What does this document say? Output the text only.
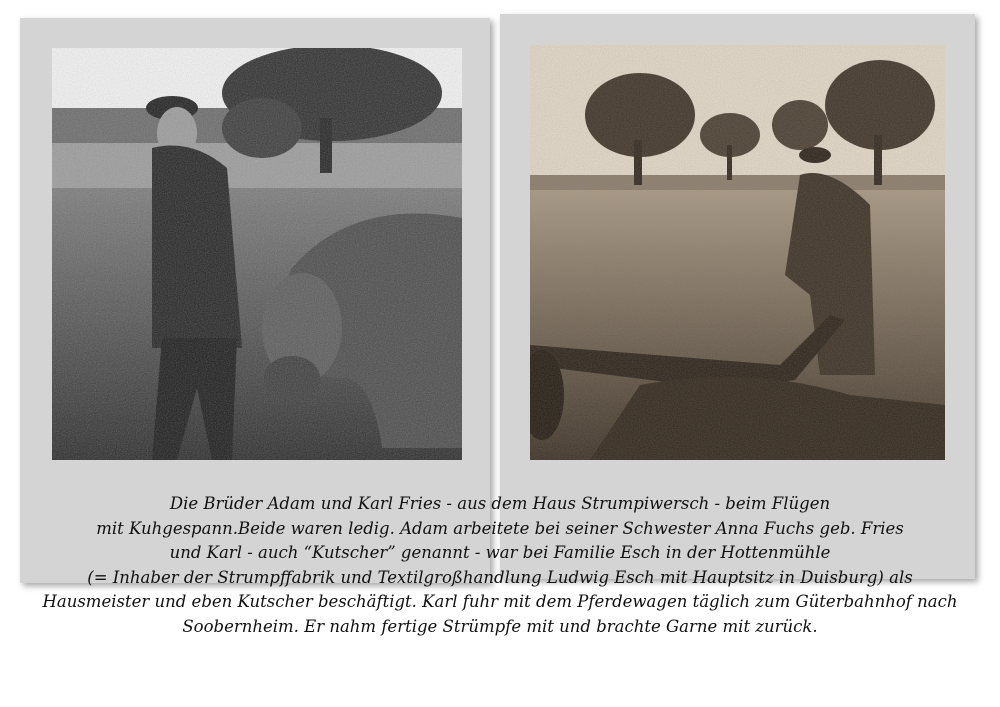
Die Brüder Adam und Karl Fries - aus dem Haus Strumpiwersch - beim Flügen
mit Kuhgespann.Beide waren ledig. Adam arbeitete bei seiner Schwester Anna Fuchs geb. Fries
und Karl - auch “Kutscher” genannt - war bei Familie Esch in der Hottenmühle
(= Inhaber der Strumpffabrik und Textilgroßhandlung Ludwig Esch mit Hauptsitz in Duisburg) als
Hausmeister und eben Kutscher beschäftigt. Karl fuhr mit dem Pferdewagen täglich zum Güterbahnhof nach
Soobernheim. Er nahm fertige Strümpfe mit und brachte Garne mit zurück.
